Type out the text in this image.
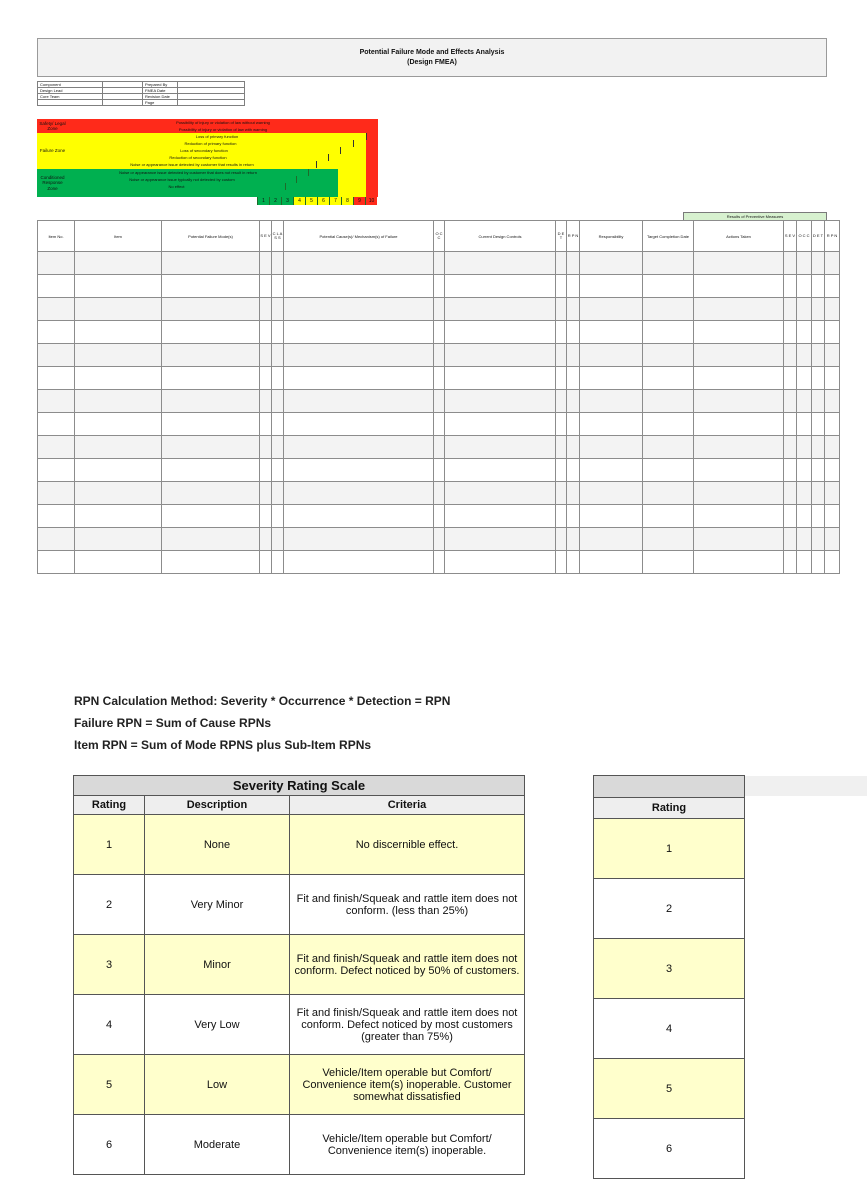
Potential Failure Mode and Effects Analysis
(Design FMEA)
Component		Prepared By	
Design Lead		FMEA Date	
Core Team		Revision Date	
		Page	
Possibility of injury or violation of law without warning
Possibility of injury or violation of law with warning
Loss of primary function
Reduction of primary function
Loss of secondary function
Reduction of secondary function
Noise or appearance issue detected by customer that results in return
Noise or appearance issue detected by customer that does not result in return
Noise or appearance issue typically not detected by custom
No effect
Safety/ Legal Zone
Failure Zone
Conditioned Response Zone
1	2	3	4	5	6	7	8	9	10
Results of Preventive Measures
Item No.	Item	Potential Failure Mode(s)	S E V	C L A S S	Potential Cause(s)/ Mechanism(s) of Failure	O C C	Current Design Controls	D E T	R P N	Responsibility	Target Completion Date	Actions Taken	S E V	O C C	D E T	R P N

RPN Calculation Method: Severity * Occurrence * Detection = RPN
Failure RPN = Sum of Cause RPNs
Item RPN = Sum of Mode RPNS plus Sub-Item RPNs
Severity Rating Scale		
Rating	Description	Criteria
1	None	No discernible effect.
2	Very Minor	Fit and finish/Squeak and rattle item does not conform. (less than 25%)
3	Minor	Fit and finish/Squeak and rattle item does not conform. Defect noticed by 50% of customers.
4	Very Low	Fit and finish/Squeak and rattle item does not conform. Defect noticed by most customers (greater than 75%)
5	Low	Vehicle/Item operable but Comfort/ Convenience item(s) inoperable. Customer somewhat dissatisfied
6	Moderate	Vehicle/Item operable but Comfort/ Convenience item(s) inoperable.

Rating
1
2
3
4
5
6
